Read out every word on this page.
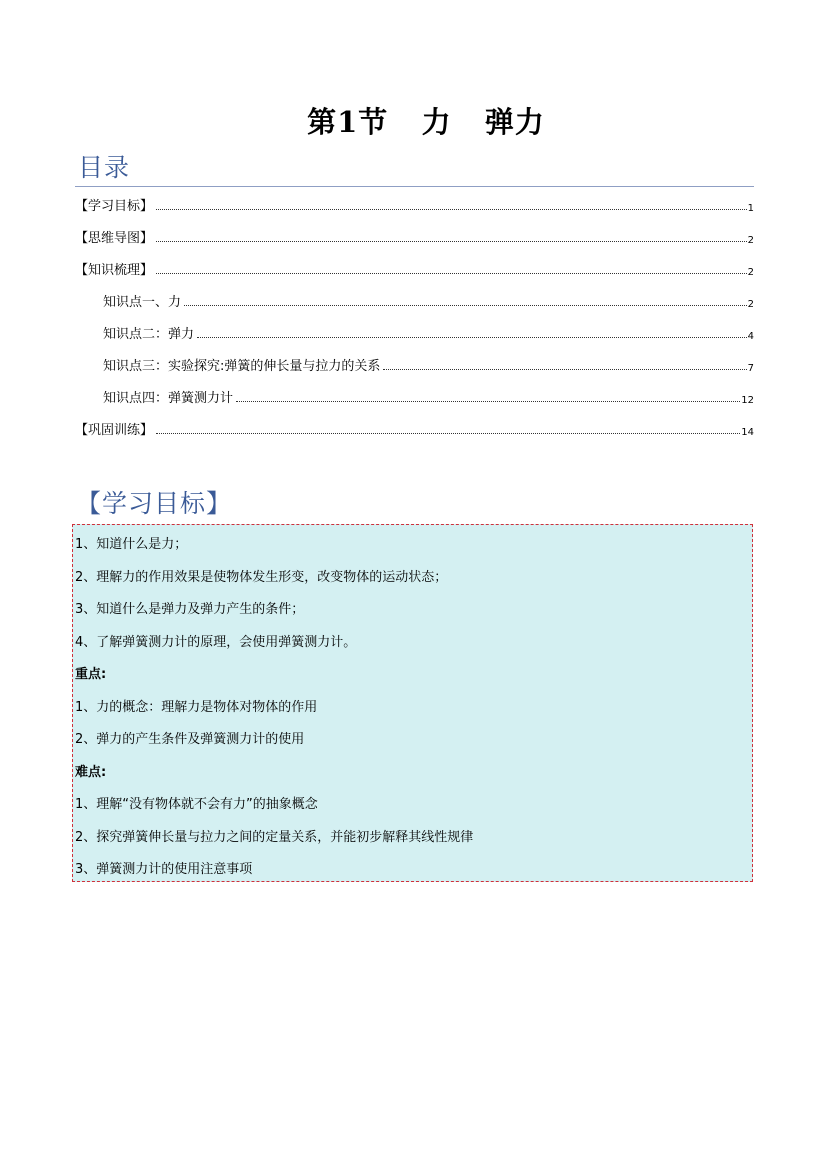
第1节   力   弹力
目录
【学习目标】	1
【思维导图】	2
【知识梳理】	2
知识点一、力	2
知识点二：弹力	4
知识点三：实验探究:弹簧的伸长量与拉力的关系	7
知识点四：弹簧测力计	12
【巩固训练】	14
【学习目标】
1、知道什么是力；
2、理解力的作用效果是使物体发生形变，改变物体的运动状态；
3、知道什么是弹力及弹力产生的条件；
4、了解弹簧测力计的原理，会使用弹簧测力计。
重点:
1、力的概念：理解力是物体对物体的作用
2、弹力的产生条件及弹簧测力计的使用
难点:
1、理解“没有物体就不会有力”的抽象概念
2、探究弹簧伸长量与拉力之间的定量关系，并能初步解释其线性规律
3、弹簧测力计的使用注意事项
